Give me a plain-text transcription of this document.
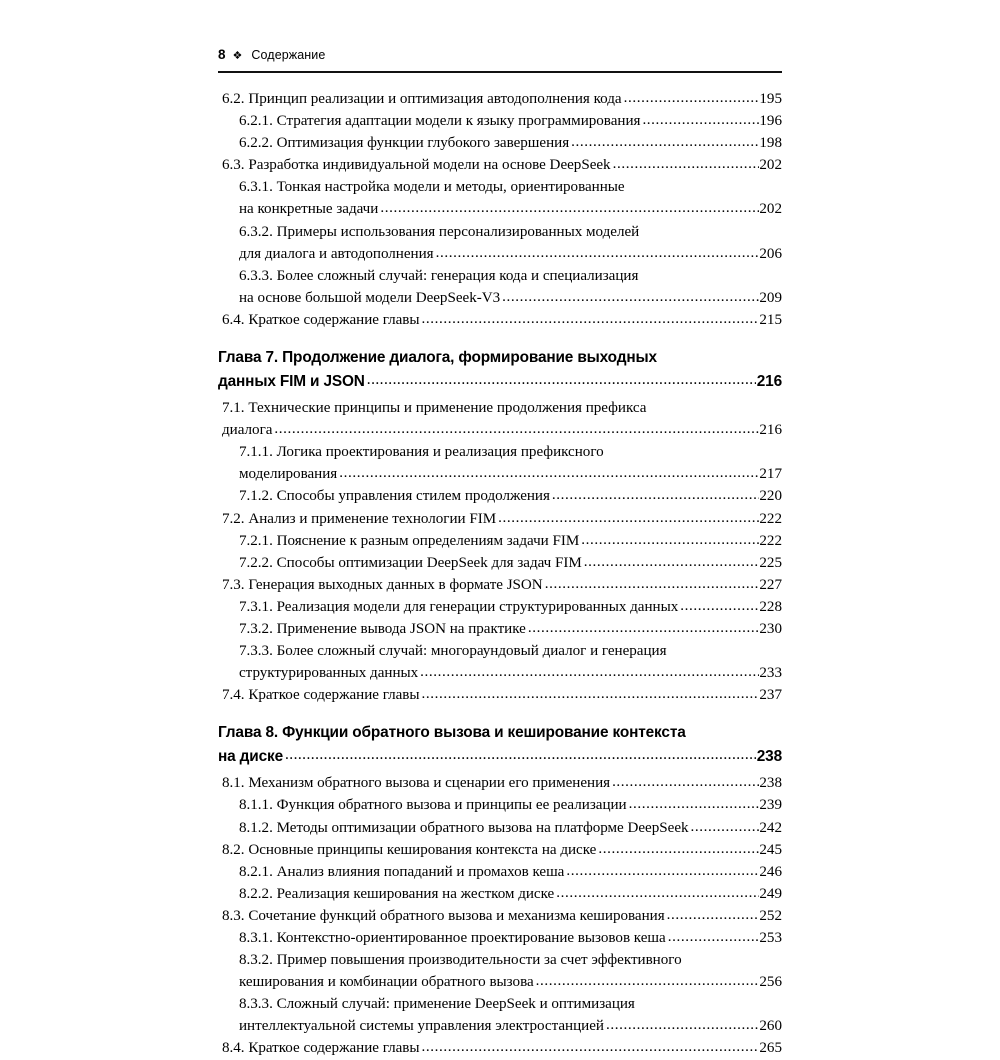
8 ❖ Содержание
6.2. Принцип реализации и оптимизация автодополнения кода .....	195
6.2.1. Стратегия адаптации модели к языку программирования .....	196
6.2.2. Оптимизация функции глубокого завершения .....	198
6.3. Разработка индивидуальной модели на основе DeepSeek .....	202
6.3.1. Тонкая настройка модели и методы, ориентированные
на конкретные задачи .....	202
6.3.2. Примеры использования персонализированных моделей
для диалога и автодополнения .....	206
6.3.3. Более сложный случай: генерация кода и специализация
на основе большой модели DeepSeek-V3 .....	209
6.4. Краткое содержание главы .....	215
Глава 7. Продолжение диалога, формирование выходных
данных FIM и JSON .....	216
7.1. Технические принципы и применение продолжения префикса
диалога .....	216
7.1.1. Логика проектирования и реализация префиксного
моделирования .....	217
7.1.2. Способы управления стилем продолжения .....	220
7.2. Анализ и применение технологии FIM .....	222
7.2.1. Пояснение к разным определениям задачи FIM .....	222
7.2.2. Способы оптимизации DeepSeek для задач FIM .....	225
7.3. Генерация выходных данных в формате JSON .....	227
7.3.1. Реализация модели для генерации структурированных данных .....	228
7.3.2. Применение вывода JSON на практике .....	230
7.3.3. Более сложный случай: многораундовый диалог и генерация
структурированных данных .....	233
7.4. Краткое содержание главы .....	237
Глава 8. Функции обратного вызова и кеширование контекста
на диске .....	238
8.1. Механизм обратного вызова и сценарии его применения .....	238
8.1.1. Функция обратного вызова и принципы ее реализации .....	239
8.1.2. Методы оптимизации обратного вызова на платформе DeepSeek .....	242
8.2. Основные принципы кеширования контекста на диске .....	245
8.2.1. Анализ влияния попаданий и промахов кеша .....	246
8.2.2. Реализация кеширования на жестком диске .....	249
8.3. Сочетание функций обратного вызова и механизма кеширования .....	252
8.3.1. Контекстно-ориентированное проектирование вызовов кеша .....	253
8.3.2. Пример повышения производительности за счет эффективного
кеширования и комбинации обратного вызова .....	256
8.3.3. Сложный случай: применение DeepSeek и оптимизация
интеллектуальной системы управления электростанцией .....	260
8.4. Краткое содержание главы .....	265
